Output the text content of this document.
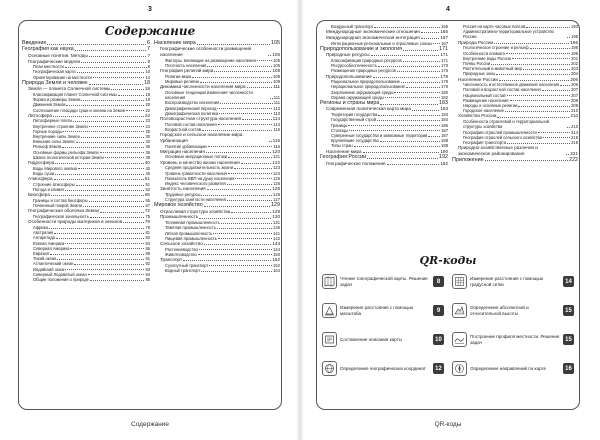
3
Содержание
Введение	6
География как наука	7
Основные понятия. Методы	7
Географические модели	8
План местности	8
Географическая карта	10
Ориентирование на местности	14
Природа Земли и человек	18
Земля — планета Солнечной системы	18
Классификация планет Солнечной системы	18
Форма и размеры Земли	19
Движения Земли	20
Соотношение площади суши и океана на Земле	22
Литосфера	23
Литосферные плиты	23
Внутреннее строение Земли	24
Горные породы	25
Внутренние силы Земли	30
Внешние силы Земли	32
Рельеф Земли	35
Основные формы рельефа Земли	36
Шкала геологической истории Земли	38
Гидросфера	40
Воды Мирового океана	40
Воды суши	45
Атмосфера	51
Строение атмосферы	51
Погода и климат	52
Биосфера	65
Границы и состав биосферы	65
Почвенный покров Земли	67
Географическая оболочка Земли	72
Географическая зональность	75
Особенности природы материков и океанов	79
Африка	79
Австралия	81
Антарктида	82
Южная Америка	84
Северная Америка	86
Евразия	88
Тихий океан	91
Атлантический океан	92
Индийский океан	93
Северный Ледовитый океан	94
Общие положения о природе	95
Население мира	105
Географические особенности размещения населения	105
Факторы, влияющие на размещение населения	105
Плотность населения	106
География религий мира	108
Религии мира	109
Мировые религии	109
Динамика численности населения мира	111
Основные тенденции изменения численности населения	111
Воспроизводство населения	111
Демографический переход	113
Демографическая политика	113
Половозрастная структура населения	114
Половой состав населения	114
Возрастной состав	115
Городское и сельское население мира. Урбанизация	116
Понятие урбанизации	116
Миграции населения	120
Основные миграционные потоки	121
Уровень и качество жизни населения	122
Средняя продолжительность жизни	123
Уровень грамотности населения	124
Показатель ВВП на душу населения	125
Индекс человеческого развития	125
Занятость населения	126
Трудовые ресурсы	126
Структура занятости населения	127
Мировое хозяйство	129
Отраслевая структура хозяйства	129
Промышленность	130
Топливная промышленность	131
Тяжёлая промышленность	136
Лёгкая промышленность	141
Пищевая промышленность	142
Сельское хозяйство	143
Растениеводство	144
Животноводство	150
Транспорт	152
Сухопутный транспорт	152
Водный транспорт	164
Содержание
4
Воздушный транспорт	165
Международные экономические отношения	165
Международная экономическая интеграция	167
Интеграционные региональные и отраслевые союзы 167
Природопользование и экология	171
Природные ресурсы	171
Классификация природных ресурсов	171
Ресурсообеспеченность	173
Размещение природных ресурсов	176
Природопользование	178
Рациональное природопользование	178
Нерациональное природопользование	179
Загрязнение окружающей среды	180
Охрана окружающей среды	182
Регионы и страны мира	183
Современная политическая карта мира	183
Территория государства	183
Государственный строй	184
Границы	186
Столицы	187
Суверенные государства и зависимые территории	187
Крупнейшие государства	188
Типы стран	188
Население мира	190
География России	192
Географическое положение	192
Россия на карте часовых поясов	193
Административно-территориальное устройство России	195
Природа России	196
Геологическое строение и рельеф	196
Особенности климата	199
Внутренние воды России	201
Почвы России	202
Растительный и животный мир	203
Природные зоны	204
Население России	206
Численность и естественное движение населения	206
Половой и возрастной состав населения	207
Национальный состав	207
Размещение населения	208
Народы и основные религии	209
Городское население	210
Хозяйство России	210
Особенности отраслевой и территориальной структуры хозяйства	210
География отраслей промышленности	214
География отраслей сельского хозяйства	218
География транспорта	219
Природно-хозяйственные различия и экономическое районирование	221
Приложение	222
QR-коды
Чтение топографической карты. Решение задач	8
Измерение расстояния с помощью масштаба	9
Составление описания карты	10
Определение географических координат	12
Измерение расстояния с помощью градусной сетки	14
Определение абсолютной и относительной высоты	15
Построение профиля местности. Решение задач	15
Определение направлений по карте	16
QR-коды
